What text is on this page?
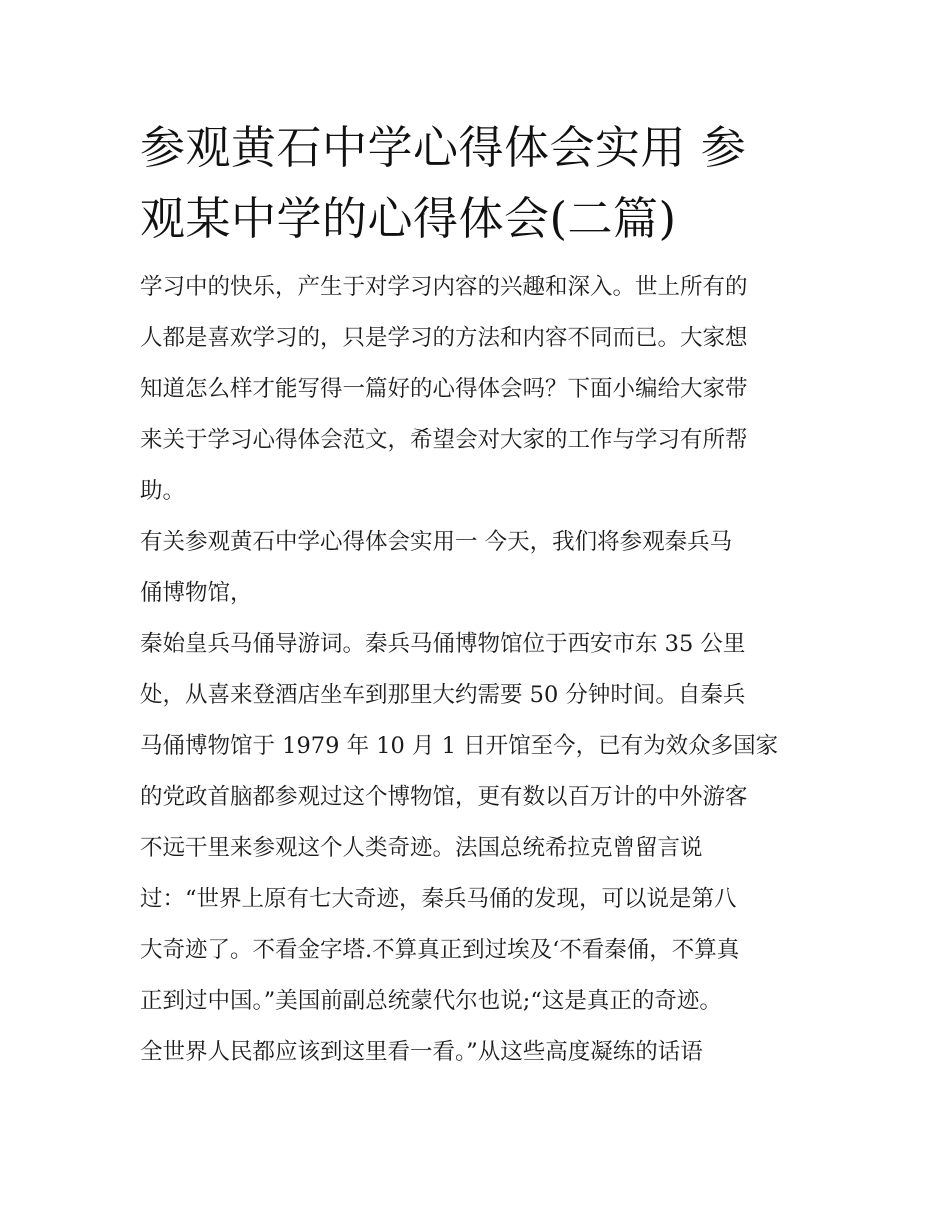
参观黄石中学心得体会实用 参
观某中学的心得体会(二篇)

学习中的快乐，产生于对学习内容的兴趣和深入。世上所有的
人都是喜欢学习的，只是学习的方法和内容不同而已。大家想
知道怎么样才能写得一篇好的心得体会吗？下面小编给大家带
来关于学习心得体会范文，希望会对大家的工作与学习有所帮
助。

有关参观黄石中学心得体会实用一 今天，我们将参观秦兵马
俑博物馆，

秦始皇兵马俑导游词。秦兵马俑博物馆位于西安市东 35 公里
处，从喜来登酒店坐车到那里大约需要 50 分钟时间。自秦兵
马俑博物馆于 1979 年 10 月 1 日开馆至今，已有为效众多国家
的党政首脑都参观过这个博物馆，更有数以百万计的中外游客
不远干里来参观这个人类奇迹。法国总统希拉克曾留言说
过：“世界上原有七大奇迹，秦兵马俑的发现，可以说是第八
大奇迹了。不看金字塔.不算真正到过埃及‘不看秦俑，不算真
正到过中国。”美国前副总统蒙代尔也说;“这是真正的奇迹。
全世界人民都应该到这里看一看。”从这些高度凝练的话语
